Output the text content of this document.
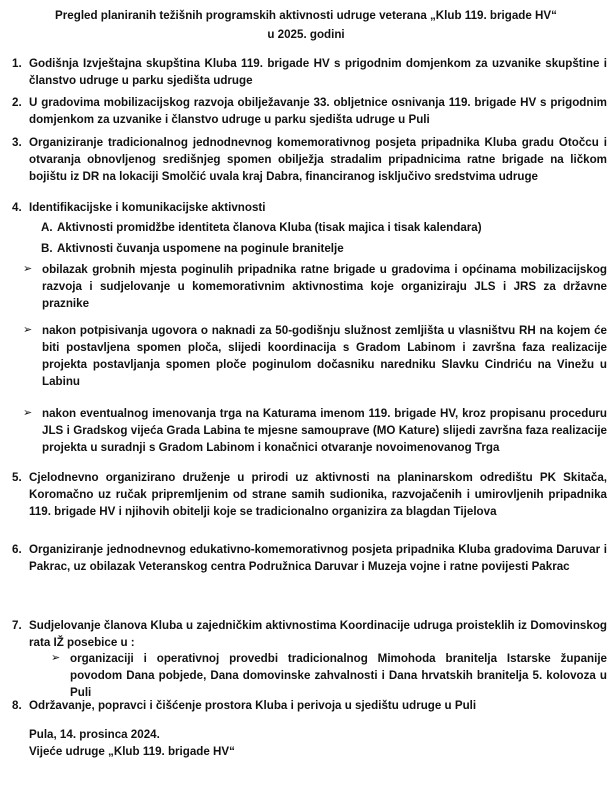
Pregled planiranih težišnih programskih aktivnosti udruge veterana „Klub 119. brigade HV“
u 2025. godini
1. Godišnja Izvještajna skupština Kluba 119. brigade HV s prigodnim domjenkom za uzvanike skupštine i članstvo udruge u parku sjedišta udruge
2. U gradovima mobilizacijskog razvoja obilježavanje 33. obljetnice osnivanja 119. brigade HV s prigodnim domjenkom za uzvanike i članstvo udruge u parku sjedišta udruge u Puli
3. Organiziranje tradicionalnog jednodnevnog komemorativnog posjeta pripadnika Kluba gradu Otočcu i otvaranja obnovljenog središnjeg spomen obilježja stradalim pripadnicima ratne brigade na ličkom bojištu iz DR na lokaciji Smolčić uvala kraj Dabra, financiranog isključivo sredstvima udruge
4. Identifikacijske i komunikacijske aktivnosti
A. Aktivnosti promidžbe identiteta članova Kluba (tisak majica i tisak kalendara)
B. Aktivnosti čuvanja uspomene na poginule branitelje
➢ obilazak grobnih mjesta poginulih pripadnika ratne brigade u gradovima i općinama mobilizacijskog razvoja i sudjelovanje u komemorativnim aktivnostima koje organiziraju JLS i JRS za državne praznike
➢ nakon potpisivanja ugovora o naknadi za 50-godišnju služnost zemljišta u vlasništvu RH na kojem će biti postavljena spomen ploča, slijedi koordinacija s Gradom Labinom i završna faza realizacije projekta postavljanja spomen ploče poginulom dočasniku naredniku Slavku Cindriću na Vinežu u Labinu
➢ nakon eventualnog imenovanja trga na Katurama imenom 119. brigade HV, kroz propisanu proceduru JLS i Gradskog vijeća Grada Labina te mjesne samouprave (MO Kature) slijedi završna faza realizacije projekta u suradnji s Gradom Labinom i konačnici otvaranje novoimenovanog Trga
5. Cjelodnevno organizirano druženje u prirodi uz aktivnosti na planinarskom odredištu PK Skitača, Koromačno uz ručak pripremljenim od strane samih sudionika, razvojačenih i umirovljenih pripadnika 119. brigade HV i njihovih obitelji koje se tradicionalno organizira za blagdan Tijelova
6. Organiziranje jednodnevnog edukativno-komemorativnog posjeta pripadnika Kluba gradovima Daruvar i Pakrac, uz obilazak Veteranskog centra Podružnica Daruvar i Muzeja vojne i ratne povijesti Pakrac
7. Sudjelovanje članova Kluba u zajedničkim aktivnostima Koordinacije udruga proisteklih iz Domovinskog rata IŽ posebice u :
➢ organizaciji i operativnoj provedbi tradicionalnog Mimohoda branitelja Istarske županije povodom Dana pobjede, Dana domovinske zahvalnosti i Dana hrvatskih branitelja 5. kolovoza u Puli
8. Održavanje, popravci i čišćenje prostora Kluba i perivoja u sjedištu udruge u Puli
Pula, 14. prosinca 2024.
Vijeće udruge „Klub 119. brigade HV“
